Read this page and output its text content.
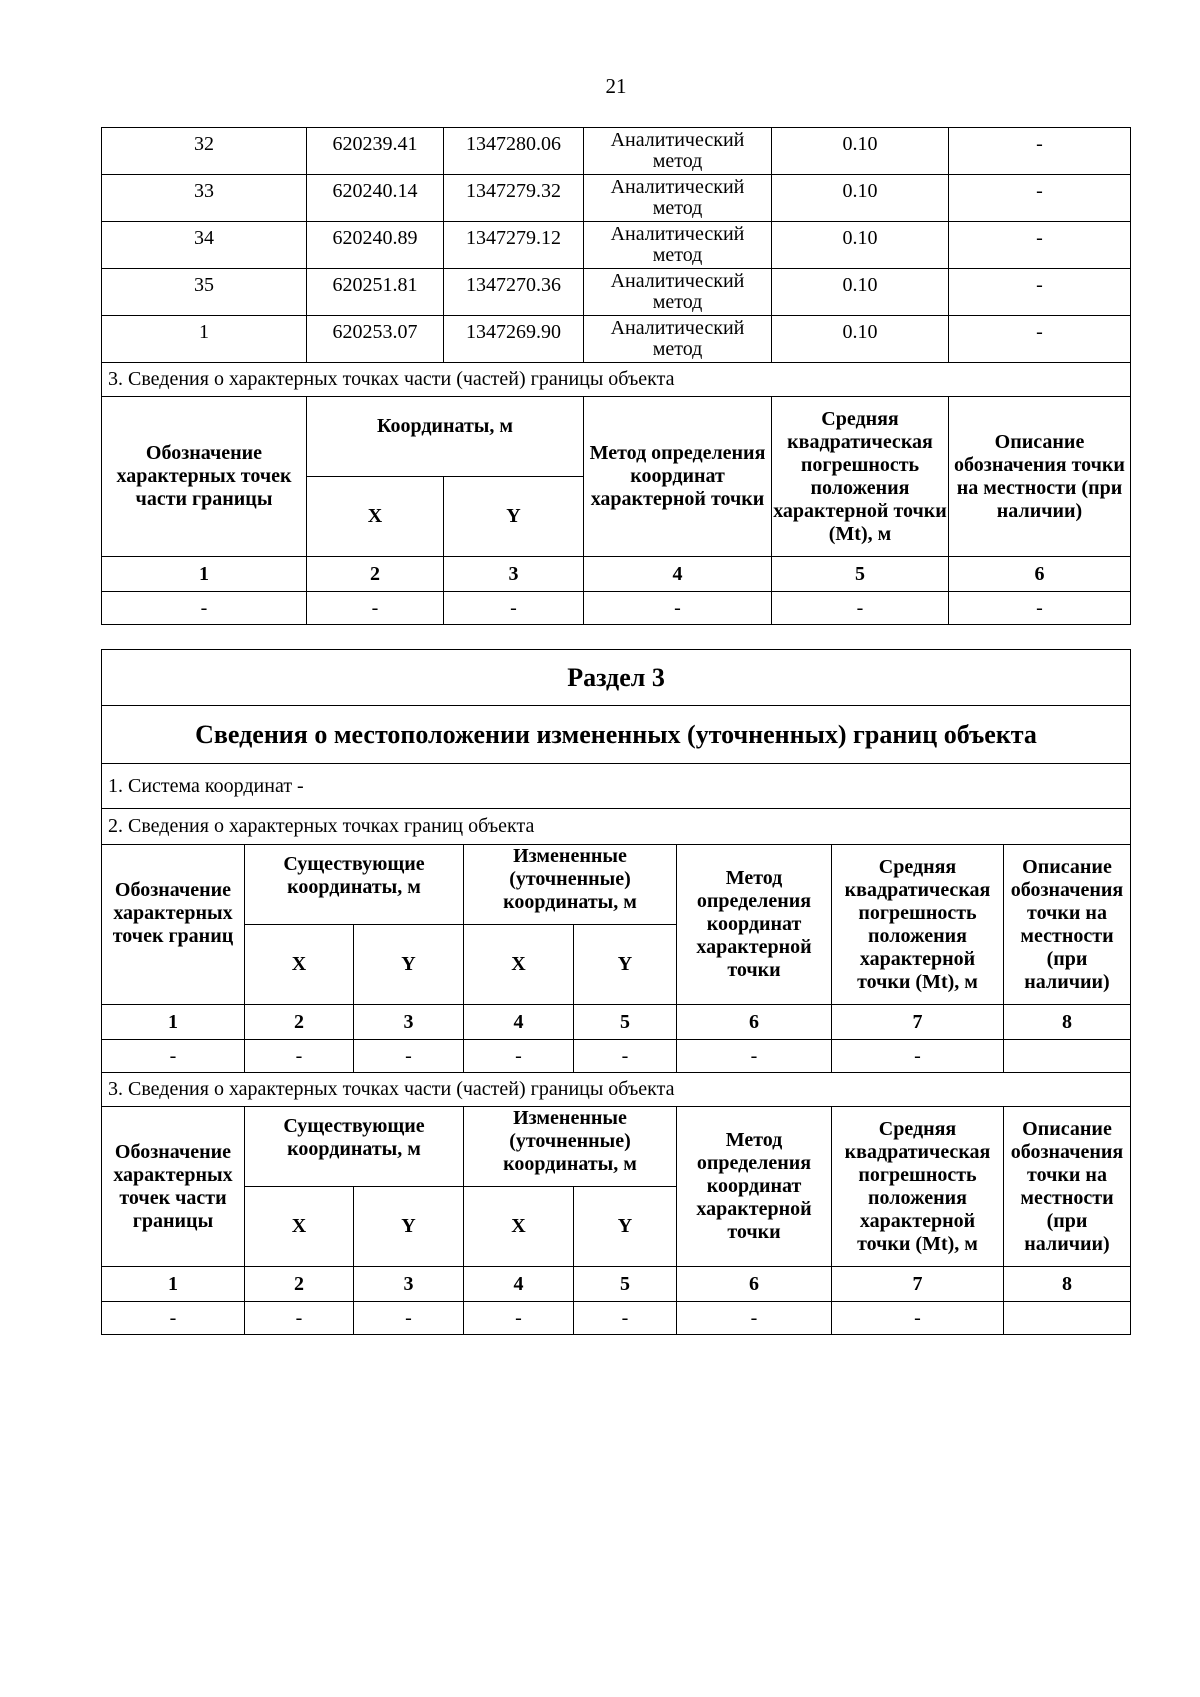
21
32	620239.41	1347280.06	Аналитический метод	0.10	-
33	620240.14	1347279.32	Аналитический метод	0.10	-
34	620240.89	1347279.12	Аналитический метод	0.10	-
35	620251.81	1347270.36	Аналитический метод	0.10	-
1	620253.07	1347269.90	Аналитический метод	0.10	-
3. Сведения о характерных точках части (частей) границы объекта					
Обозначение характерных точек части границы	Координаты, м		Метод определения координат характерной точки	Средняя квадратическая погрешность положения характерной точки (Mt), м	Описание обозначения точки на местности (при наличии)
	X	Y			
1	2	3	4	5	6
-	-	-	-	-	-
Раздел 3							
Сведения о местоположении измененных (уточненных) границ объекта							
1. Система координат -							
2. Сведения о характерных точках границ объекта							
Обозначение характерных точек границ	Существующие координаты, м		Измененные (уточненные) координаты, м		Метод определения координат характерной точки	Средняя квадратическая погрешность положения характерной точки (Mt), м	Описание обозначения точки на местности (при наличии)
	X	Y	X	Y			
1	2	3	4	5	6	7	8
-	-	-	-	-	-	-	
3. Сведения о характерных точках части (частей) границы объекта							
Обозначение характерных точек части границы	Существующие координаты, м		Измененные (уточненные) координаты, м		Метод определения координат характерной точки	Средняя квадратическая погрешность положения характерной точки (Mt), м	Описание обозначения точки на местности (при наличии)
	X	Y	X	Y			
1	2	3	4	5	6	7	8
-	-	-	-	-	-	-	
